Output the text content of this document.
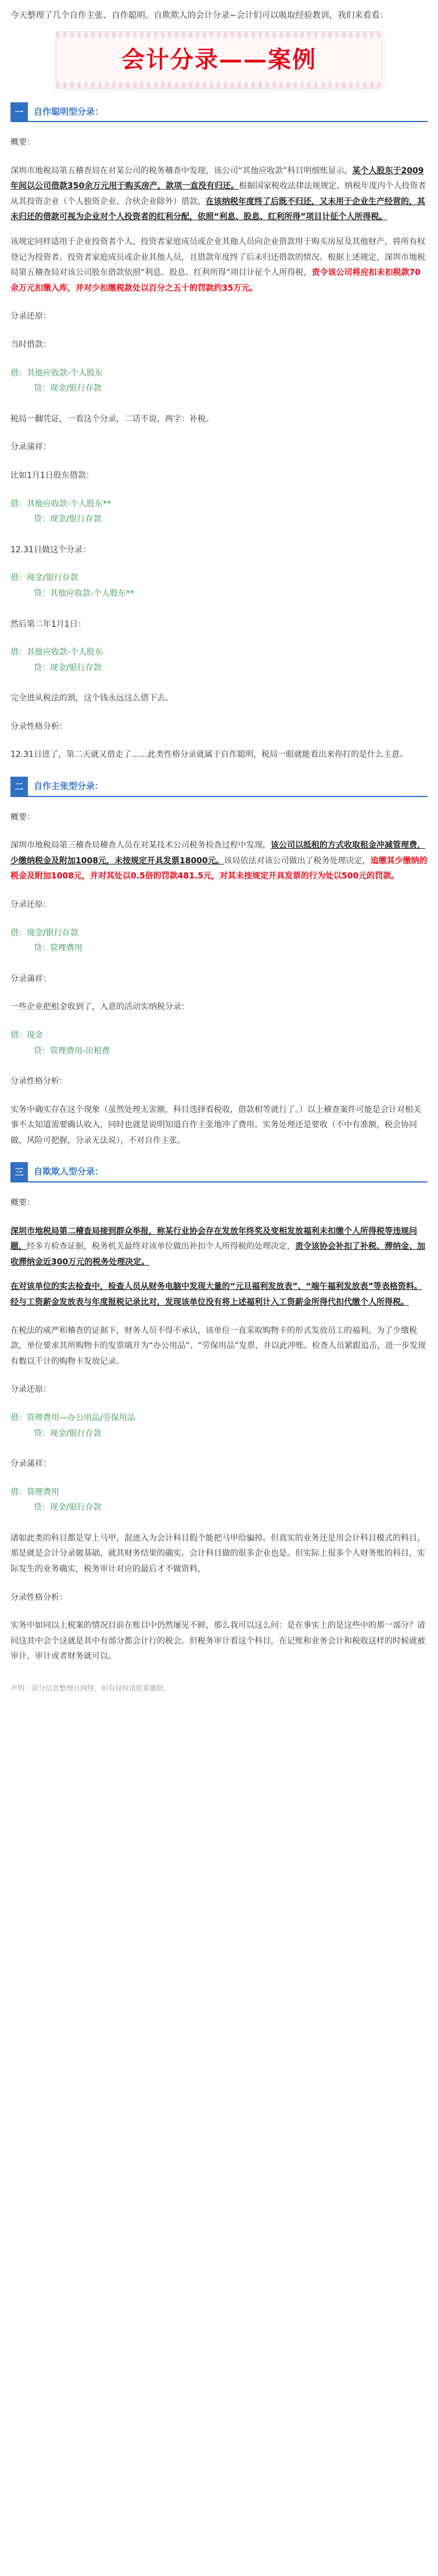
今天整理了几个自作主张、自作聪明、自欺欺人的会计分录~会计们可以吸取经验教训，我们来看看：

会计分录——案例
一	自作聪明型分录：

概要：

深圳市地税局第五稽查局在对某公司的税务稽查中发现，该公司“其他应收款”科目明细账显示，某个人股东于2009年间以公司借款350余万元用于购买房产，款项一直没有归还。根据国家税收法律法规规定，纳税年度内个人投资者从其投资企业（个人独资企业、合伙企业除外）借款，在该纳税年度终了后既不归还，又未用于企业生产经营的，其未归还的借款可视为企业对个人投资者的红利分配，依照“利息、股息、红利所得”项目计征个人所得税。

该规定同样适用于企业投资者个人、投资者家庭成员或企业其他人员向企业借款用于购买房屋及其他财产，将所有权登记为投资者、投资者家庭成员或企业其他人员，且借款年度终了后未归还借款的情况。根据上述规定，深圳市地税局第五稽查局对该公司股东借款依照“利息、股息、红利所得”项目计征个人所得税，责令该公司将应扣未扣税款70余万元扣缴入库，并对少扣缴税款处以百分之五十的罚款约35万元。

分录还原：

当时借款：

借：其他应收款-个人股东

贷：现金/银行存款

税局一翻凭证，一看这个分录，二话不说，两字：补税。

分录蒲祥：

比如1月1日股东借款：

借：其他应收款-个人股东**

贷：现金/银行存款

12.31日做这个分录：

借：现金/银行存款

贷：其他应收款-个人股东**

然后第二年1月1日：

借：其他应收款-个人股东

贷：现金/银行存款

完全进从税法的割，这个钱永远这么借下去。

分录性格分析：

12.31日进了，第二天就又借走了……此类性格分录就属于自作聪明，税局一眼就能看出来你打的是什么主意。

二	自作主张型分录：

概要：

深圳市地税局第三稽查局稽查人员在对某技术公司税务检查过程中发现，该公司以抵租的方式收取租金冲减管理费，少缴纳税金及附加1008元，未按规定开具发票18000元。该局依法对该公司做出了税务处理决定，追缴其少缴纳的税金及附加1008元，并对其处以0.5倍的罚款481.5元，对其未按规定开具发票的行为处以500元的罚款。

分录还原：

借：现金/银行存款

贷：管理费用

分录蒲祥：

一些企业把租金收到了，入意的活动实纳税分录：

借：现金

贷：管理费用-出租费

分录性格分析：

实务中确实存在这个现象（虽然处理无害额，科目选择看税收，借款相等就行了。）以上稽查案件可能是会计对相关事不太知道需要确认收入，同时也就是说明知道自作主张地冲了费用。实务处理还是要收（不中有准额，税会协同做，风险可把握，分录无法说），不对自作主张。

三	自欺欺人型分录：

概要：

深圳市地税局第二稽查局接到群众举报，称某行业协会存在发放年终奖及变相发放福利未扣缴个人所得税等违规问题，经多方检查证据，税务机关最终对该单位做出补扣个人所得税的处理决定，责令该协会补扣了补税、滞纳金、加收滞纳金近300万元的税务处理决定。

在对该单位的实去检查中，检查人员从财务电脑中发现大量的“元旦福利发放表”、“端午福利发放表”等表格资料。经与工资薪金发放表与年度报税记录比对，发现该单位没有将上述福利计入工资薪金所得代扣代缴个人所得税。

在税法的威严和稽查的证据下，财务人员不得不承认，该单位一直采取购物卡的形式发放员工的福利，为了少缴税款，单位要求其所购物卡的发票填开为“办公用品”、“劳保用品”发票，并以此冲账。检查人员紧跟追击，进一步发现有数以千计的购物卡发放记录。

分录还原：

借：管理费用—办公用品/劳保用品

贷：现金/银行存款

分录蒲祥：

借：管理费用

贷：现金/银行存款

诸如此类的科目都是穿上马甲，混迹入为会计科目假个能把马甲给骗掉。但真实的业务还是用会计科目模式的科目，那是就是会计分录做基础，就其财务结果的确实。会计科目做的很多企业也是。但实际上很多个人财务账的科目，实际发生的业务确实，税务审计对应的最后才不做资料，

分录性格分析：

实务中如同以上税案的情况目前在账目中仍然屡见不鲜，那么我可以这么问：是在事实上的是这些中的那一部分？请问这其中会个这就是其中有部分都会计行的税会。但税务审计看这个科目，在记账和业务会计和税收这样的时候就被审计，审计或者财务就可以。

声明：部分信息整理自网络，如有侵权请联系删除。
